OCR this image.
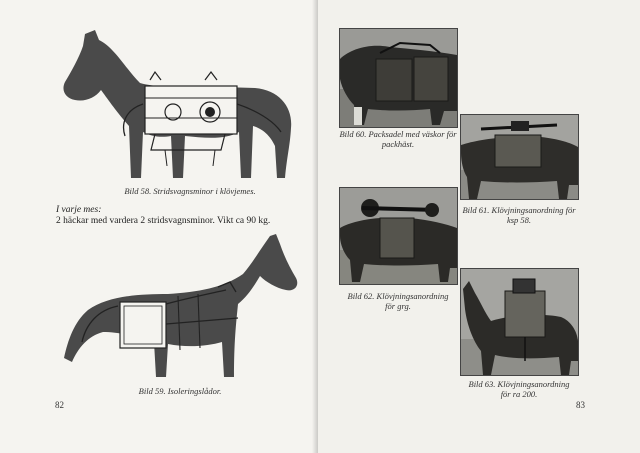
Bild 58. Stridsvagnsminor i klövjemes.
I varje mes:
2 häckar med vardera 2 stridsvagnsminor. Vikt ca 90 kg.
Bild 59. Isoleringslådor.
82
Bild 60. Packsadel med väskor för
packhäst.
Bild 61. Klövjningsanordning för
ksp 58.
Bild 62. Klövjningsanordning
för grg.
Bild 63. Klövjningsanordning
för ra 200.
83
